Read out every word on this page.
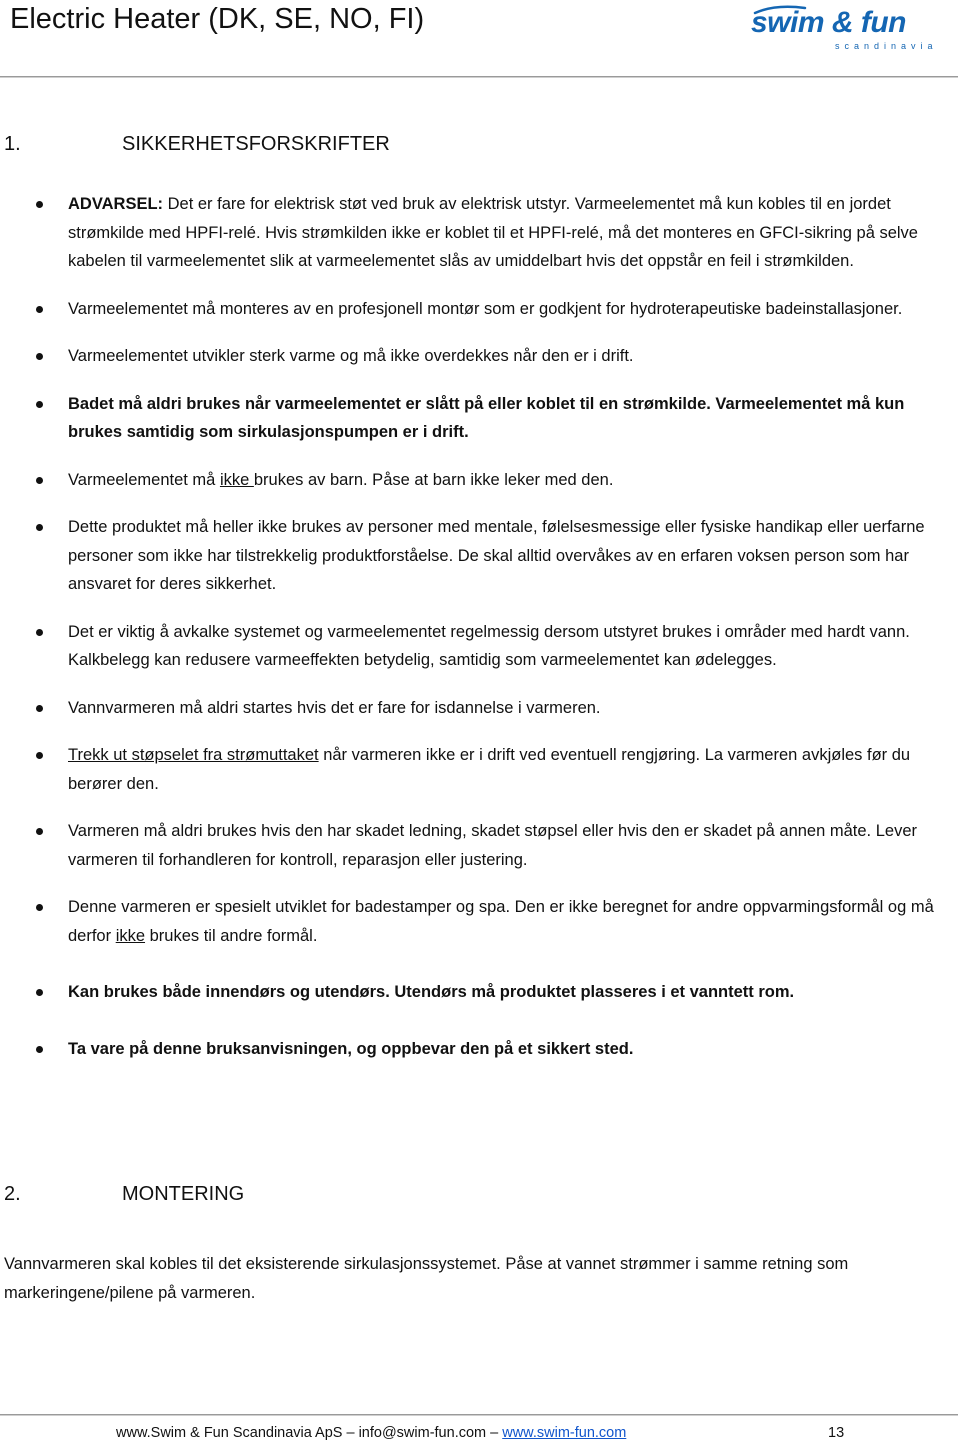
Electric Heater (DK, SE, NO, FI)	swim & fun
scandinavia
1.	SIKKERHETSFORSKRIFTER
ADVARSEL: Det er fare for elektrisk støt ved bruk av elektrisk utstyr. Varmeelementet må kun kobles til en jordet strømkilde med HPFI-relé. Hvis strømkilden ikke er koblet til et HPFI-relé, må det monteres en GFCI-sikring på selve kabelen til varmeelementet slik at varmeelementet slås av umiddelbart hvis det oppstår en feil i strømkilden.
Varmeelementet må monteres av en profesjonell montør som er godkjent for hydroterapeutiske badeinstallasjoner.
Varmeelementet utvikler sterk varme og må ikke overdekkes når den er i drift.
Badet må aldri brukes når varmeelementet er slått på eller koblet til en strømkilde. Varmeelementet må kun brukes samtidig som sirkulasjonspumpen er i drift.
Varmeelementet må ikke brukes av barn. Påse at barn ikke leker med den.
Dette produktet må heller ikke brukes av personer med mentale, følelsesmessige eller fysiske handikap eller uerfarne personer som ikke har tilstrekkelig produktforståelse. De skal alltid overvåkes av en erfaren voksen person som har ansvaret for deres sikkerhet.
Det er viktig å avkalke systemet og varmeelementet regelmessig dersom utstyret brukes i områder med hardt vann. Kalkbelegg kan redusere varmeeffekten betydelig, samtidig som varmeelementet kan ødelegges.
Vannvarmeren må aldri startes hvis det er fare for isdannelse i varmeren.
Trekk ut støpselet fra strømuttaket når varmeren ikke er i drift ved eventuell rengjøring. La varmeren avkjøles før du berører den.
Varmeren må aldri brukes hvis den har skadet ledning, skadet støpsel eller hvis den er skadet på annen måte. Lever varmeren til forhandleren for kontroll, reparasjon eller justering.
Denne varmeren er spesielt utviklet for badestamper og spa. Den er ikke beregnet for andre oppvarmingsformål og må derfor ikke brukes til andre formål.
Kan brukes både innendørs og utendørs. Utendørs må produktet plasseres i et vanntett rom.
Ta vare på denne bruksanvisningen, og oppbevar den på et sikkert sted.
2.	MONTERING
Vannvarmeren skal kobles til det eksisterende sirkulasjonssystemet. Påse at vannet strømmer i samme retning som markeringene/pilene på varmeren.
www.Swim & Fun Scandinavia ApS – info@swim-fun.com – www.swim-fun.com	13
